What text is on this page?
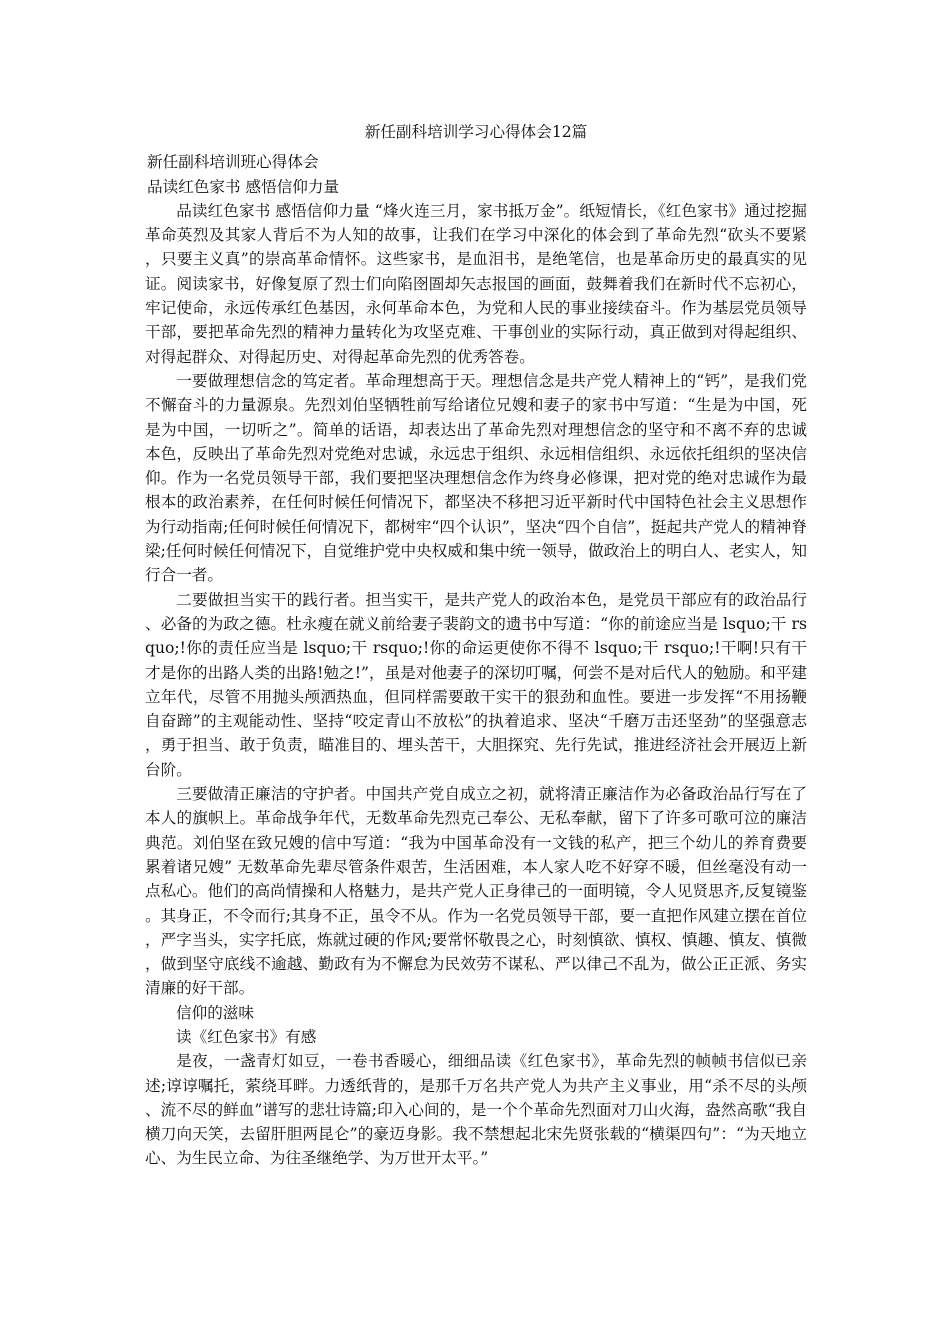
新任副科培训学习心得体会12篇
新任副科培训班心得体会
品读红色家书 感悟信仰力量

品读红色家书 感悟信仰力量 “烽火连三月，家书抵万金”。纸短情长，《红色家书》通过挖掘革命英烈及其家人背后不为人知的故事，让我们在学习中深化的体会到了革命先烈“砍头不要紧，只要主义真”的崇高革命情怀。这些家书，是血泪书，是绝笔信，也是革命历史的最真实的见证。阅读家书，好像复原了烈士们向陷囹圄却矢志报国的画面，鼓舞着我们在新时代不忘初心，牢记使命，永远传承红色基因，永何革命本色，为党和人民的事业接续奋斗。作为基层党员领导干部，要把革命先烈的精神力量转化为攻坚克难、干事创业的实际行动，真正做到对得起组织、对得起群众、对得起历史、对得起革命先烈的优秀答卷。

一要做理想信念的笃定者。革命理想高于天。理想信念是共产党人精神上的“钙”，是我们党不懈奋斗的力量源泉。先烈刘伯坚牺牲前写给诸位兄嫂和妻子的家书中写道：“生是为中国，死是为中国，一切听之”。简单的话语，却表达出了革命先烈对理想信念的坚守和不离不弃的忠诚本色，反映出了革命先烈对党绝对忠诚，永远忠于组织、永远相信组织、永远依托组织的坚决信仰。作为一名党员领导干部，我们要把坚决理想信念作为终身必修课，把对党的绝对忠诚作为最根本的政治素养，在任何时候任何情况下，都坚决不移把习近平新时代中国特色社会主义思想作为行动指南;任何时候任何情况下，都树牢“四个认识”，坚决“四个自信”，挺起共产党人的精神脊梁;任何时候任何情况下，自觉维护党中央权威和集中统一领导，做政治上的明白人、老实人，知行合一者。

二要做担当实干的践行者。担当实干，是共产党人的政治本色，是党员干部应有的政治品行、必备的为政之德。杜永瘦在就义前给妻子裴韵文的遗书中写道：“你的前途应当是 lsquo;干 rsquo;!你的责任应当是 lsquo;干 rsquo;!你的命运更使你不得不 lsquo;干 rsquo;!干啊!只有干才是你的出路人类的出路!勉之!”，虽是对他妻子的深切叮嘱，何尝不是对后代人的勉励。和平建立年代，尽管不用抛头颅洒热血，但同样需要敢干实干的狠劲和血性。要进一步发挥“不用扬鞭自奋蹄”的主观能动性、坚持“咬定青山不放松”的执着追求、坚决“千磨万击还坚劲”的坚强意志，勇于担当、敢于负责，瞄准目的、埋头苦干，大胆探究、先行先试，推进经济社会开展迈上新台阶。

三要做清正廉洁的守护者。中国共产党自成立之初，就将清正廉洁作为必备政治品行写在了本人的旗帜上。革命战争年代，无数革命先烈克己奉公、无私奉献，留下了许多可歌可泣的廉洁典范。刘伯坚在致兄嫂的信中写道：“我为中国革命没有一文钱的私产，把三个幼儿的养育费要累着诸兄嫂” 无数革命先辈尽管条件艰苦，生活困难，本人家人吃不好穿不暖，但丝毫没有动一点私心。他们的高尚情操和人格魅力，是共产党人正身律己的一面明镜，令人见贤思齐,反复镜鉴。其身正，不令而行;其身不正，虽令不从。作为一名党员领导干部，要一直把作风建立摆在首位，严字当头，实字托底，炼就过硬的作风;要常怀敬畏之心，时刻慎欲、慎权、慎趣、慎友、慎微，做到坚守底线不逾越、勤政有为不懈怠为民效劳不谋私、严以律己不乱为，做公正正派、务实清廉的好干部。

信仰的滋味
读《红色家书》有感

是夜，一盏青灯如豆，一卷书香暖心，细细品读《红色家书》，革命先烈的帧帧书信似已亲述;谆谆嘱托，萦绕耳畔。力透纸背的，是那千万名共产党人为共产主义事业，用“杀不尽的头颅、流不尽的鲜血”谱写的悲壮诗篇;印入心间的，是一个个革命先烈面对刀山火海，盎然高歌“我自横刀向天笑，去留肝胆两昆仑”的豪迈身影。我不禁想起北宋先贤张载的“横渠四句”：“为天地立心、为生民立命、为往圣继绝学、为万世开太平。”
